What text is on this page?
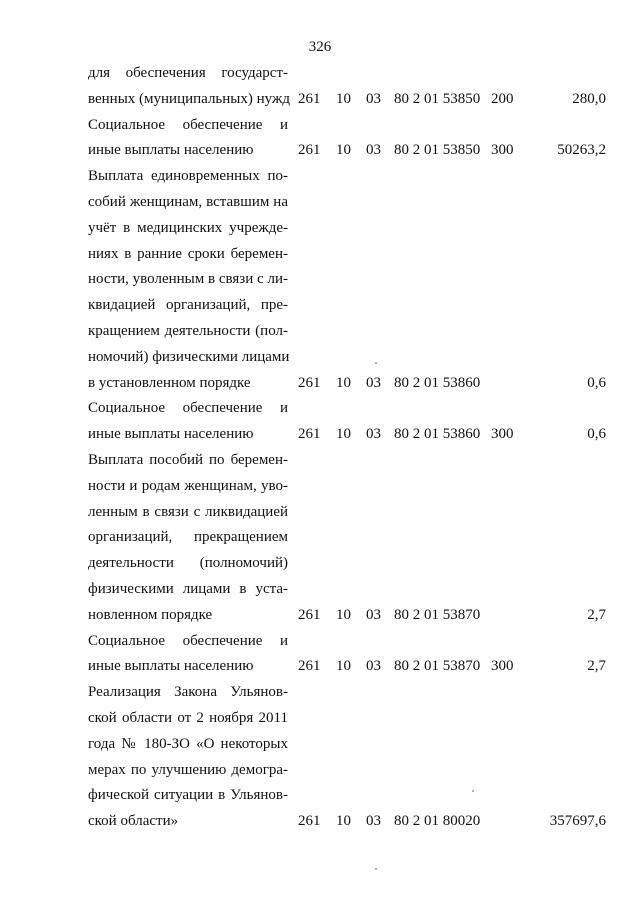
326
для обеспечения государст-
венных (муниципальных) нужд 261 10 03 80 2 01 53850 200	280,0
Социальное обеспечение и
иные выплаты населению	261 10 03 80 2 01 53850 300	50263,2
Выплата единовременных по-
собий женщинам, вставшим на
учёт в медицинских учрежде-
ниях в ранние сроки беремен-
ности, уволенным в связи с ли-
квидацией организаций, пре-
кращением деятельности (пол-
номочий) физическими лицами
в установленном порядке	261 10 03 80 2 01 53860	0,6
Социальное обеспечение и
иные выплаты населению	261 10 03 80 2 01 53860 300	0,6
Выплата пособий по беремен-
ности и родам женщинам, уво-
ленным в связи с ликвидацией
организаций, прекращением
деятельности (полномочий)
физическими лицами в уста-
новленном порядке	261 10 03 80 2 01 53870	2,7
Социальное обеспечение и
иные выплаты населению	261 10 03 80 2 01 53870 300	2,7
Реализация Закона Ульянов-
ской области от 2 ноября 2011
года № 180-ЗО «О некоторых
мерах по улучшению демогра-
фической ситуации в Ульянов-
ской области»	261 10 03 80 2 01 80020	357697,6
